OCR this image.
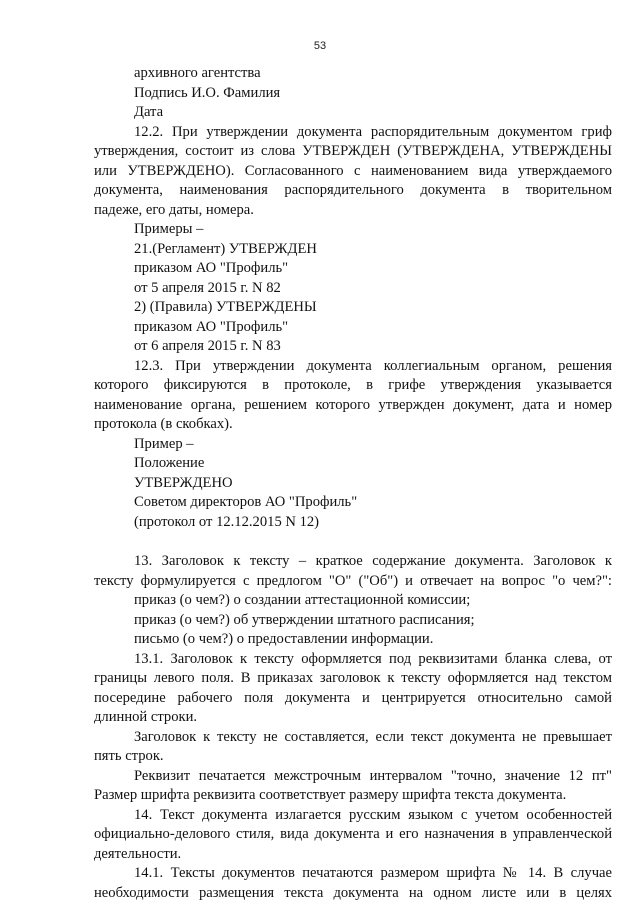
53
архивного агентства
Подпись И.О. Фамилия
Дата
12.2. При утверждении документа распорядительным документом гриф
утверждения, состоит из слова УТВЕРЖДЕН (УТВЕРЖДЕНА, УТВЕРЖДЕНЫ
или УТВЕРЖДЕНО). Согласованного с наименованием вида утверждаемого
документа, наименования распорядительного документа в творительном
падеже, его даты, номера.
Примеры –
21.(Регламент) УТВЕРЖДЕН
приказом АО "Профиль"
от 5 апреля 2015 г. N 82
2) (Правила) УТВЕРЖДЕНЫ
приказом АО "Профиль"
от 6 апреля 2015 г. N 83
12.3. При утверждении документа коллегиальным органом, решения
которого фиксируются в протоколе, в грифе утверждения указывается
наименование органа, решением которого утвержден документ, дата и номер
протокола (в скобках).
Пример –
Положение
УТВЕРЖДЕНО
Советом директоров АО "Профиль"
(протокол от 12.12.2015 N 12)
13. Заголовок к тексту – краткое содержание документа. Заголовок к
тексту формулируется с предлогом "О" ("Об") и отвечает на вопрос "о чем?":
приказ (о чем?) о создании аттестационной комиссии;
приказ (о чем?) об утверждении штатного расписания;
письмо (о чем?) о предоставлении информации.
13.1. Заголовок к тексту оформляется под реквизитами бланка слева, от
границы левого поля. В приказах заголовок к тексту оформляется над текстом
посередине рабочего поля документа и центрируется относительно самой
длинной строки.
Заголовок к тексту не составляется, если текст документа не превышает
пять строк.
Реквизит печатается межстрочным интервалом "точно, значение 12 пт"
Размер шрифта реквизита соответствует размеру шрифта текста документа.
14. Текст документа излагается русским языком с учетом особенностей
официально-делового стиля, вида документа и его назначения в управленческой
деятельности.
14.1. Тексты документов печатаются размером шрифта № 14. В случае
необходимости размещения текста документа на одном листе или в целях
